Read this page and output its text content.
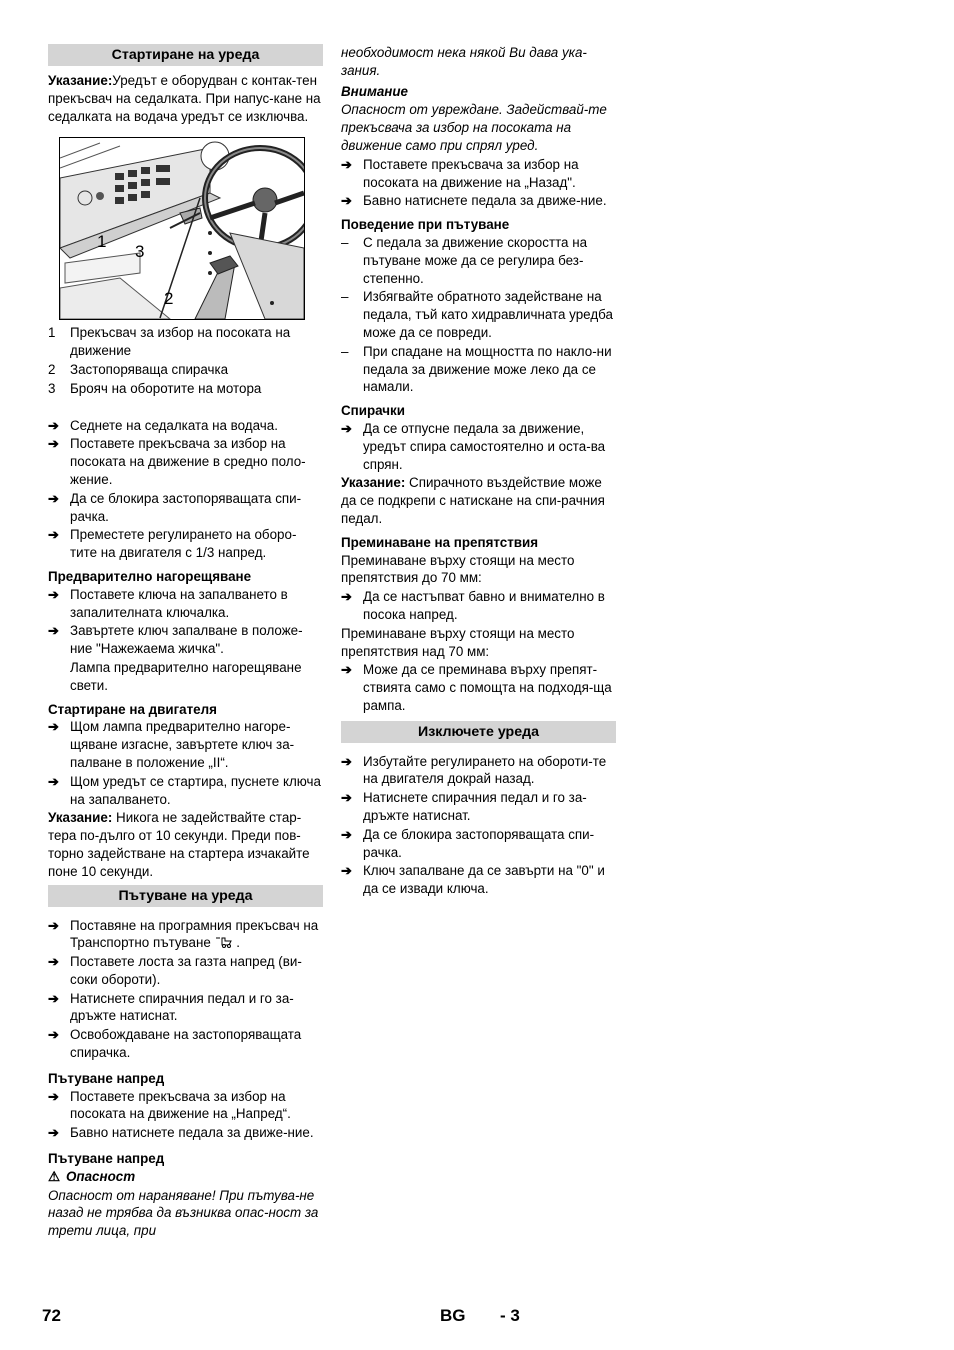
Стартиране на уреда
Указание:Уредът е оборудван с контак-тен прекъсвач на седалката. При напус-кане на седалката на водача уредът се изключва.
1
3
2
1	Прекъсвач за избор на посоката на движение
2	Застопоряваща спирачка
3	Брояч на оборотите на мотора
➔ Седнете на седалката на водача.
➔ Поставете прекъсвача за избор на посоката на движение в средно поло-жение.
➔ Да се блокира застопоряващата спи-рачка.
➔ Преместете регулирането на оборо-тите на двигателя с 1/3 напред.
Предварително нагорещяване
➔ Поставете ключа на запалването в запалителната ключалка.
➔ Завъртете ключ запалване в положе-ние "Нажежаема жичка".
Лампа предварително нагорещяване свети.
Стартиране на двигателя
➔ Щом лампа предварително нагоре-щяване изгасне, завъртете ключ за-палване в положение „II“.
➔ Щом уредът се стартира, пуснете ключа на запалването.
Указание: Никога не задействайте стар-тера по-дълго от 10 секунди. Преди пов-торно задействане на стартера изчакайте поне 10 секунди.
Пътуване на уреда
➔ Поставяне на програмния прекъсвач на Транспортно пътуване  .
➔ Поставете лоста за газта напред (ви-соки обороти).
➔ Натиснете спирачния педал и го за-дръжте натиснат.
➔ Освобождаване на застопоряващата спирачка.
Пътуване напред
➔ Поставете прекъсвача за избор на посоката на движение на „Напред“.
➔ Бавно натиснете педала за движе-ние.
Пътуване напред
⚠ Опасност
Опасност от нараняване! При пътува-не назад не трябва да възниква опас-ност за трети лица, при
необходимост нека някой Ви дава ука-зания.
Внимание
Опасност от увреждане. Задействай-те прекъсвача за избор на посоката на движение само при спрял уред.
➔ Поставете прекъсвача за избор на посоката на движение на „Назад".
➔ Бавно натиснете педала за движе-ние.
Поведение при пътуване
–	С педала за движение скоростта на пътуване може да се регулира без-степенно.
–	Избягвайте обратното задействане на педала, тъй като хидравличната уредба може да се повреди.
–	При спадане на мощността по накло-ни педала за движение може леко да се намали.
Спирачки
➔ Да се отпусне педала за движение, уредът спира самостоятелно и оста-ва спрян.
Указание: Спирачното въздействие може да се подкрепи с натискане на спи-рачния педал.
Преминаване на препятствия
Преминаване върху стоящи на место препятствия до 70 мм:
➔ Да се настъпват бавно и внимателно в посока напред.
Преминаване върху стоящи на место препятствия над 70 мм:
➔ Може да се преминава върху препят-ствията само с помощта на подходя-ща рампа.
Изключете уреда
➔ Избутайте регулирането на оборoти-те на двигателя докрай назад.
➔ Натиснете спирачния педал и го за-дръжте натиснат.
➔ Да се блокира застопоряващата спи-рачка.
➔ Ключ запалване да се завърти на "0" и да се извади ключа.
72	BG - 3
